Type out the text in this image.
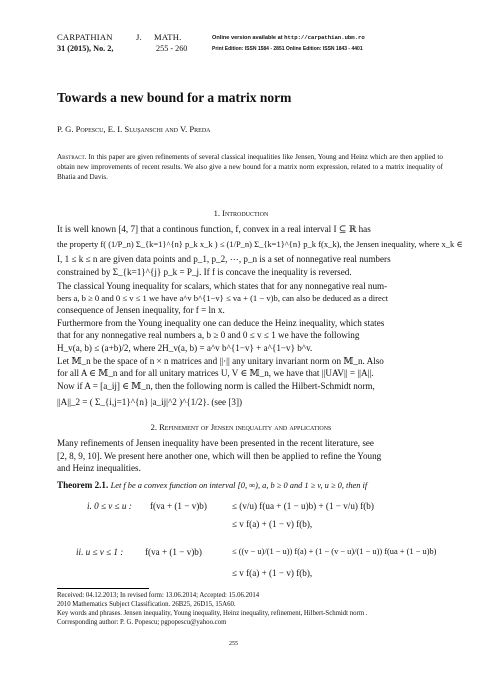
CARPATHIAN	J. MATH.
31 (2015), No. 2,	255 - 260
Online version available at http://carpathian.ubm.ro
Print Edition: ISSN 1584 - 2851 Online Edition: ISSN 1843 - 4401
Towards a new bound for a matrix norm
P. G. Popescu, E. I. Slușanschi and V. Preda
Abstract. In this paper are given refinements of several classical inequalities like Jensen, Young and Heinz which are then applied to obtain new improvements of recent results. We also give a new bound for a matrix norm expression, related to a matrix inequality of Bhatia and Davis.
1. Introduction
It is well known [4, 7] that a continous function, f, convex in a real interval I ⊆ ℝ has
the property f( (1/P_n) Σ_{k=1}^{n} p_k x_k ) ≤ (1/P_n) Σ_{k=1}^{n} p_k f(x_k), the Jensen inequality, where x_k ∈
I, 1 ≤ k ≤ n are given data points and p_1, p_2, ⋯, p_n is a set of nonnegative real numbers
constrained by Σ_{k=1}^{j} p_k = P_j. If f is concave the inequality is reversed.
The classical Young inequality for scalars, which states that for any nonnegative real num-
bers a, b ≥ 0 and 0 ≤ v ≤ 1 we have a^v b^{1−v} ≤ va + (1 − v)b, can also be deduced as a direct
consequence of Jensen inequality, for f = ln x.
Furthermore from the Young inequality one can deduce the Heinz inequality, which states
that for any nonnegative real numbers a, b ≥ 0 and 0 ≤ v ≤ 1 we have the following
H_v(a, b) ≤ (a+b)/2, where 2H_v(a, b) = a^v b^{1−v} + a^{1−v} b^v.
Let 𝕄_n be the space of n × n matrices and ||·|| any unitary invariant norm on 𝕄_n. Also
for all A ∈ 𝕄_n and for all unitary matrices U, V ∈ 𝕄_n, we have that ||UAV|| = ||A||.
Now if A = [a_ij] ∈ 𝕄_n, then the following norm is called the Hilbert-Schmidt norm,
||A||_2 = ( Σ_{i,j=1}^{n} |a_ij|^2 )^{1/2}. (see [3])
2. Refinement of Jensen inequality and applications
Many refinements of Jensen inequality have been presented in the recent literature, see
[2, 8, 9, 10]. We present here another one, which will then be applied to refine the Young
and Heinz inequalities.
Theorem 2.1. Let f be a convex function on interval [0, ∞), a, b ≥ 0 and 1 ≥ v, u ≥ 0, then if
i. 0 ≤ v ≤ u : f(va + (1 − v)b)	≤ (v/u) f(ua + (1 − u)b) + (1 − v/u) f(b)
≤ v f(a) + (1 − v) f(b),
ii. u ≤ v ≤ 1 : f(va + (1 − v)b)	≤ ((v − u)/(1 − u)) f(a) + (1 − (v − u)/(1 − u)) f(ua + (1 − u)b)
≤ v f(a) + (1 − v) f(b),
Received: 04.12.2013; In revised form: 13.06.2014; Accepted: 15.06.2014
2010 Mathematics Subject Classification. 26B25, 26D15, 15A60.
Key words and phrases. Jensen inequality, Young inequality, Heinz inequality, refinement, Hilbert-Schmidt norm .
Corresponding author: P. G. Popescu; pgpopescu@yahoo.com
255
